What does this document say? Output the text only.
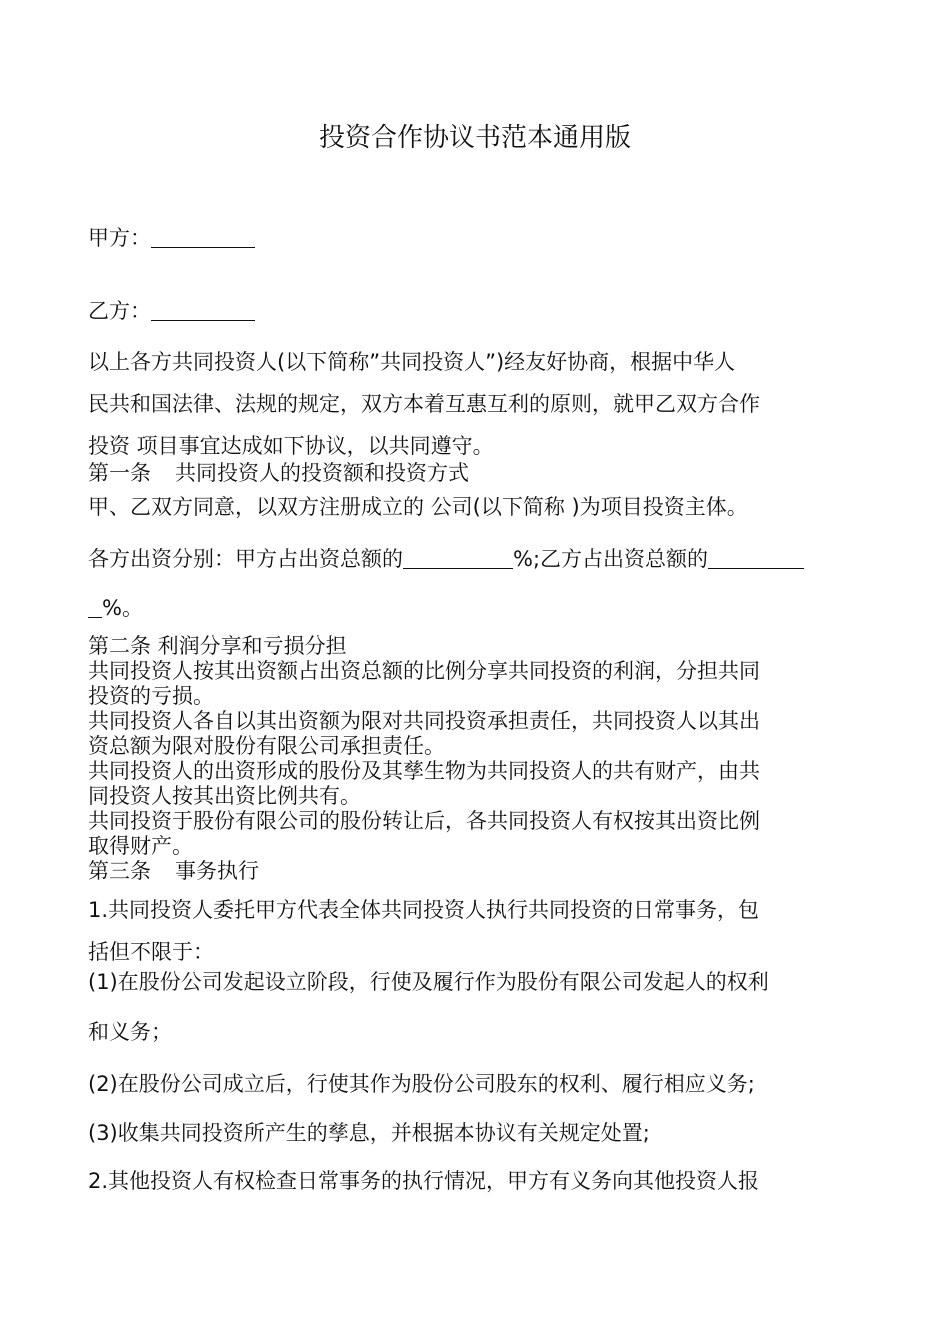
投资合作协议书范本通用版
甲方：
乙方：
以上各方共同投资人(以下简称”共同投资人”)经友好协商，根据中华人
民共和国法律、法规的规定，双方本着互惠互利的原则，就甲乙双方合作
投资 项目事宜达成如下协议，以共同遵守。
第一条 共同投资人的投资额和投资方式
甲、乙双方同意，以双方注册成立的 公司(以下简称 )为项目投资主体。
各方出资分别：甲方占出资总额的	%;乙方占出资总额的
%。
第二条 利润分享和亏损分担
共同投资人按其出资额占出资总额的比例分享共同投资的利润，分担共同
投资的亏损。
共同投资人各自以其出资额为限对共同投资承担责任，共同投资人以其出
资总额为限对股份有限公司承担责任。
共同投资人的出资形成的股份及其孳生物为共同投资人的共有财产，由共
同投资人按其出资比例共有。
共同投资于股份有限公司的股份转让后，各共同投资人有权按其出资比例
取得财产。
第三条 事务执行
1.共同投资人委托甲方代表全体共同投资人执行共同投资的日常事务，包
括但不限于：
(1)在股份公司发起设立阶段，行使及履行作为股份有限公司发起人的权利
和义务；
(2)在股份公司成立后，行使其作为股份公司股东的权利、履行相应义务;
(3)收集共同投资所产生的孳息，并根据本协议有关规定处置;
2.其他投资人有权检查日常事务的执行情况，甲方有义务向其他投资人报
